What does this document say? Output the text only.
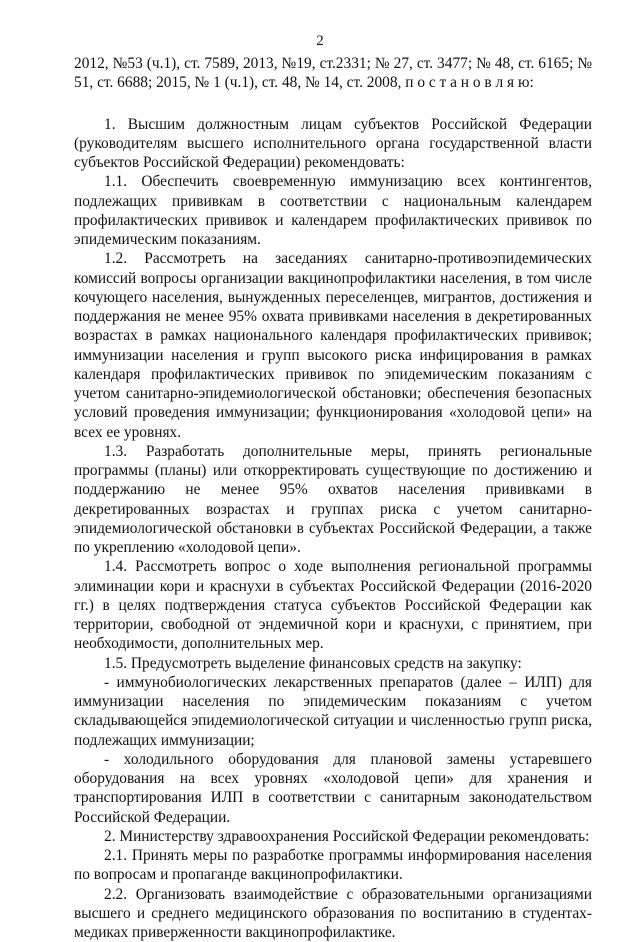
2

2012, №53 (ч.1), ст. 7589, 2013, №19, ст.2331; № 27, ст. 3477; № 48, ст. 6165; № 51, ст. 6688; 2015, № 1 (ч.1), ст. 48, № 14, ст. 2008, п о с т а н о в л я ю:

1. Высшим должностным лицам субъектов Российской Федерации (руководителям высшего исполнительного органа государственной власти субъектов Российской Федерации) рекомендовать:

1.1. Обеспечить своевременную иммунизацию всех контингентов, подлежащих прививкам в соответствии с национальным календарем профилактических прививок и календарем профилактических прививок по эпидемическим показаниям.

1.2. Рассмотреть на заседаниях санитарно-противоэпидемических комиссий вопросы организации вакцинопрофилактики населения, в том числе кочующего населения, вынужденных переселенцев, мигрантов, достижения и поддержания не менее 95% охвата прививками населения в декретированных возрастах в рамках национального календаря профилактических прививок; иммунизации населения и групп высокого риска инфицирования в рамках календаря профилактических прививок по эпидемическим показаниям с учетом санитарно-эпидемиологической обстановки; обеспечения безопасных условий проведения иммунизации; функционирования «холодовой цепи» на всех ее уровнях.

1.3. Разработать дополнительные меры, принять региональные программы (планы) или откорректировать существующие по достижению и поддержанию не менее 95% охватов населения прививками в декретированных возрастах и группах риска с учетом санитарно-эпидемиологической обстановки в субъектах Российской Федерации, а также по укреплению «холодовой цепи».

1.4. Рассмотреть вопрос о ходе выполнения региональной программы элиминации кори и краснухи в субъектах Российской Федерации (2016-2020 гг.) в целях подтверждения статуса субъектов Российской Федерации как территории, свободной от эндемичной кори и краснухи, с принятием, при необходимости, дополнительных мер.

1.5. Предусмотреть выделение финансовых средств на закупку:

- иммунобиологических лекарственных препаратов (далее – ИЛП) для иммунизации населения по эпидемическим показаниям с учетом складывающейся эпидемиологической ситуации и численностью групп риска, подлежащих иммунизации;

- холодильного оборудования для плановой замены устаревшего оборудования на всех уровнях «холодовой цепи» для хранения и транспортирования ИЛП в соответствии с санитарным законодательством Российской Федерации.

2. Министерству здравоохранения Российской Федерации рекомендовать:

2.1. Принять меры по разработке программы информирования населения по вопросам и пропаганде вакцинопрофилактики.

2.2. Организовать взаимодействие с образовательными организациями высшего и среднего медицинского образования по воспитанию в студентах-медиках приверженности вакцинопрофилактике.
